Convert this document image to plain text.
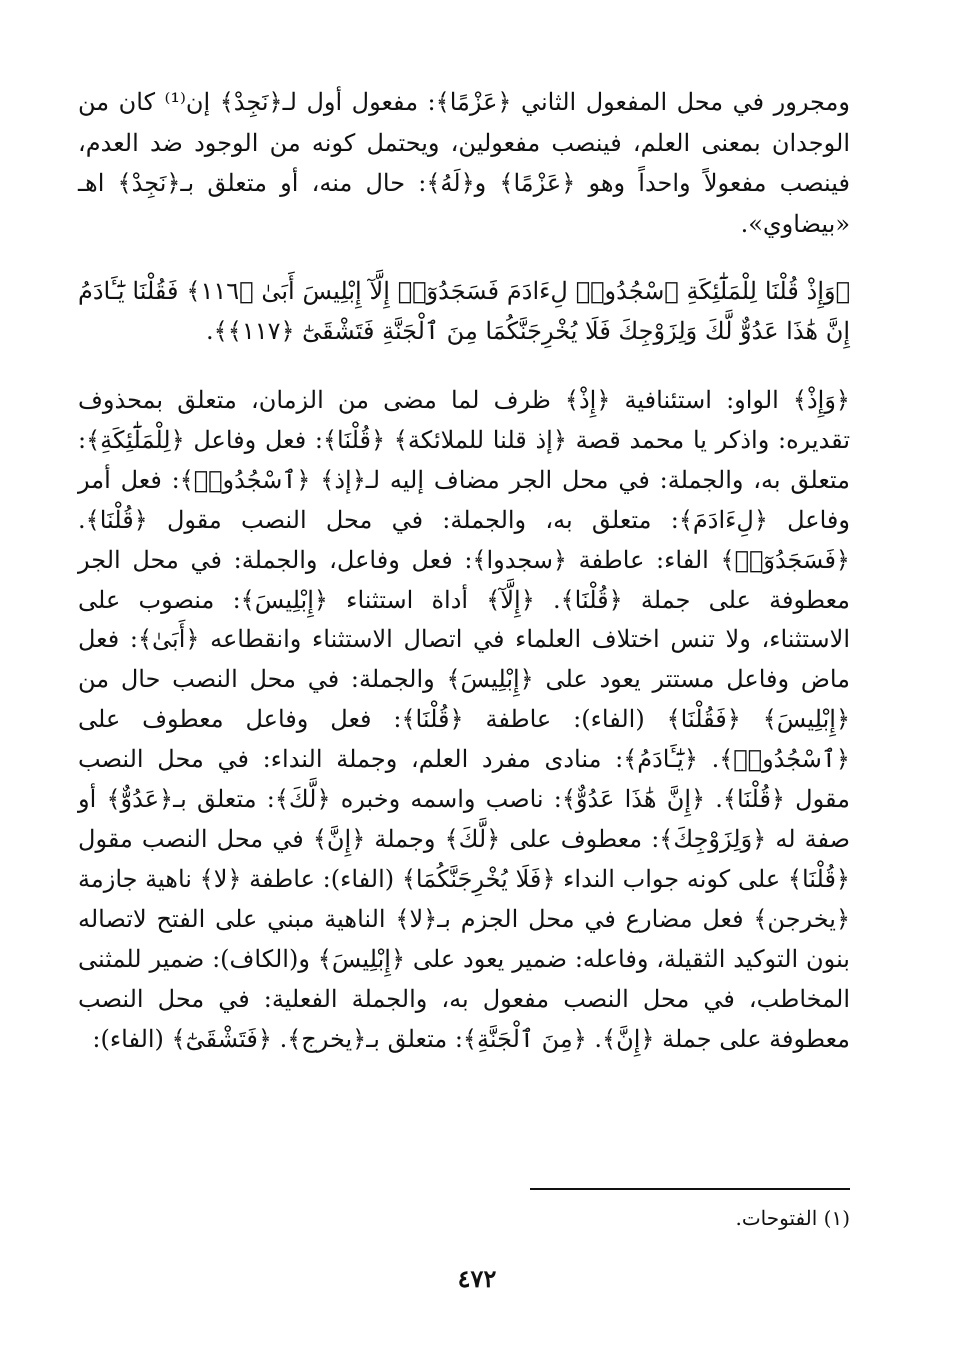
ومجرور في محل المفعول الثاني ﴿عَزْمًا﴾: مفعول أول لـ﴿نَجِدْ﴾ إن⁽¹⁾ كان من الوجدان بمعنى العلم، فينصب مفعولين، ويحتمل كونه من الوجود ضد العدم، فينصب مفعولاً واحداً وهو ﴿عَزْمًا﴾ و﴿لَهُ﴾: حال منه، أو متعلق بـ﴿نَجِدْ﴾ اهـ «بيضاوي».

﴿وَإِذْ قُلْنَا لِلْمَلَٰٓئِكَةِ ٱسْجُدُوا۟ لِءَادَمَ فَسَجَدُوٓا۟ إِلَّآ إِبْلِيسَ أَبَىٰ ﴿١١٦﴾ فَقُلْنَا يَٰٓـَٔادَمُ إِنَّ هَٰذَا عَدُوٌّ لَّكَ وَلِزَوْجِكَ فَلَا يُخْرِجَنَّكُمَا مِنَ ٱلْجَنَّةِ فَتَشْقَىٰٓ ﴿١١٧﴾﴾.

﴿وَإِذْ﴾ الواو: استئنافية ﴿إِذْ﴾ ظرف لما مضى من الزمان، متعلق بمحذوف تقديره: واذكر يا محمد قصة ﴿إذ قلنا للملائكة﴾ ﴿قُلْنَا﴾: فعل وفاعل ﴿لِلْمَلَٰٓئِكَةِ﴾: متعلق به، والجملة: في محل الجر مضاف إليه لـ﴿إذ﴾ ﴿ٱسْجُدُوا۟﴾: فعل أمر وفاعل ﴿لِءَادَمَ﴾: متعلق به، والجملة: في محل النصب مقول ﴿قُلْنَا﴾. ﴿فَسَجَدُوٓا۟﴾ الفاء: عاطفة ﴿سجدوا﴾: فعل وفاعل، والجملة: في محل الجر معطوفة على جملة ﴿قُلْنَا﴾. ﴿إِلَّآ﴾ أداة استثناء ﴿إِبْلِيسَ﴾: منصوب على الاستثناء، ولا تنس اختلاف العلماء في اتصال الاستثناء وانقطاعه ﴿أَبَىٰ﴾: فعل ماض وفاعل مستتر يعود على ﴿إِبْلِيسَ﴾ والجملة: في محل النصب حال من ﴿إِبْلِيسَ﴾ ﴿فَقُلْنَا﴾ (الفاء): عاطفة ﴿قُلْنَا﴾: فعل وفاعل معطوف على ﴿ٱسْجُدُوا۟﴾. ﴿يَٰٓـَٔادَمُ﴾: منادى مفرد العلم، وجملة النداء: في محل النصب مقول ﴿قُلْنَا﴾. ﴿إِنَّ هَٰذَا عَدُوٌّ﴾: ناصب واسمه وخبره ﴿لَّكَ﴾: متعلق بـ﴿عَدُوٌّ﴾ أو صفة له ﴿وَلِزَوْجِكَ﴾: معطوف على ﴿لَّكَ﴾ وجملة ﴿إِنَّ﴾ في محل النصب مقول ﴿قُلْنَا﴾ على كونه جواب النداء ﴿فَلَا يُخْرِجَنَّكُمَا﴾ (الفاء): عاطفة ﴿لا﴾ ناهية جازمة ﴿يخرجن﴾ فعل مضارع في محل الجزم بـ﴿لا﴾ الناهية مبني على الفتح لاتصاله بنون التوكيد الثقيلة، وفاعله: ضمير يعود على ﴿إِبْلِيسَ﴾ و(الكاف): ضمير للمثنى المخاطب، في محل النصب مفعول به، والجملة الفعلية: في محل النصب معطوفة على جملة ﴿إِنَّ﴾. ﴿مِنَ ٱلْجَنَّةِ﴾: متعلق بـ﴿يخرج﴾. ﴿فَتَشْقَىٰٓ﴾ (الفاء):

(١) الفتوحات.
٤٧٢
